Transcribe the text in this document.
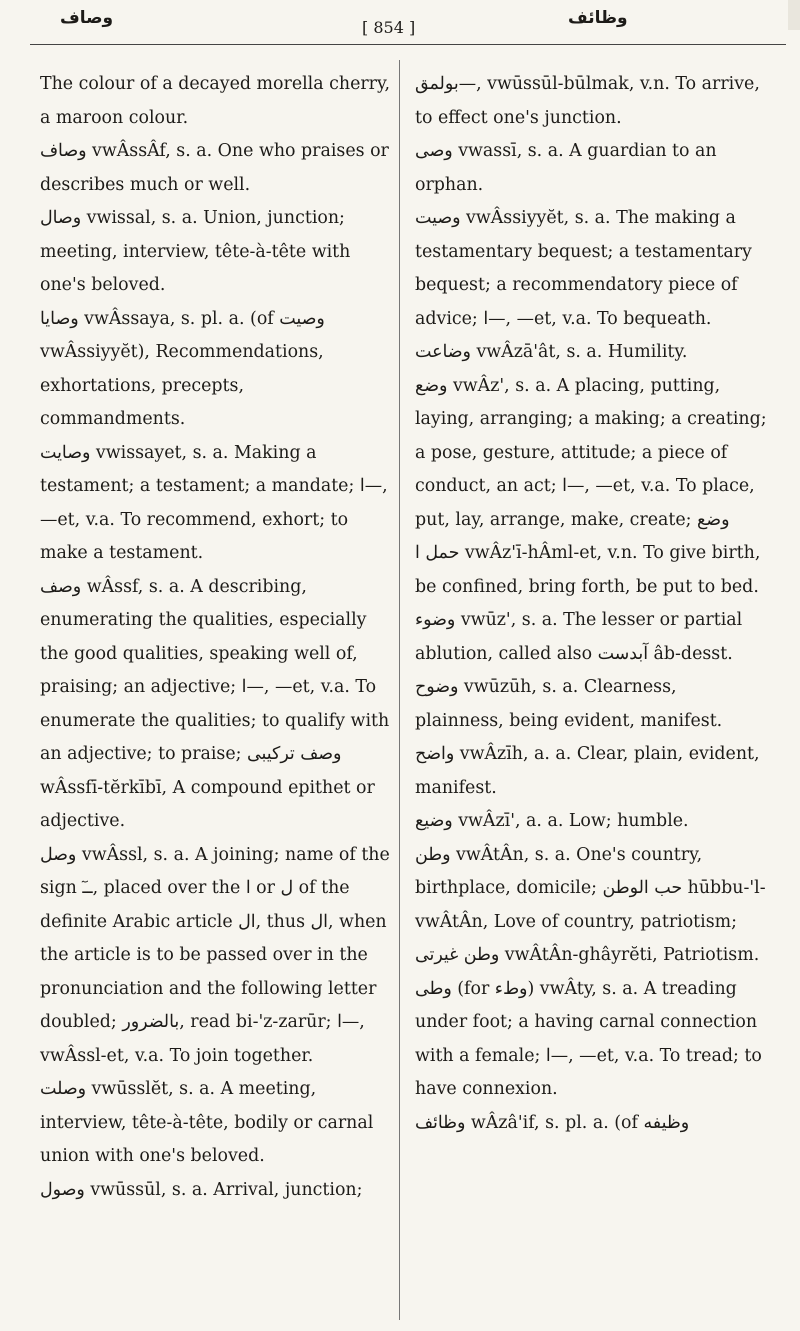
وصاف	[ 854 ]	وظائف

The colour of a decayed morella cherry, a maroon colour.

وصاف vwÂssÂf, s. a. One who praises or describes much or well.

وصال vwissal, s. a. Union, junction; meeting, interview, tête-à-tête with one's beloved.

وصايا vwÂssaya, s. pl. a. (of وصيت vwÂssiyyĕt), Recommendations, exhortations, precepts, commandments.

وصايت vwissayet, s. a. Making a testament; a testament; a mandate; ا—, —et, v.a. To recommend, exhort; to make a testament.

وصف wÂssf, s. a. A describing, enumerating the qualities, especially the good qualities, speaking well of, praising; an adjective; ا—, —et, v.a. To enumerate the qualities; to qualify with an adjective; to praise; وصف ترکيبى wÂssfī-tĕrkībī, A compound epithet or adjective.

وصل vwÂssl, s. a. A joining; name of the sign ــٓ, placed over the ا or ل of the definite Arabic article ال, thus ال, when the article is to be passed over in the pronunciation and the following letter doubled; بالضرور, read bi-'z-zarūr; ا—, vwÂssl-et, v.a. To join together.

وصلت vwūsslĕt, s. a. A meeting, interview, tête-à-tête, bodily or carnal union with one's beloved.

وصول vwūssūl, s. a. Arrival, junction;

بولمق—, vwūssūl-būlmak, v.n. To arrive, to effect one's junction.

وصى vwassī, s. a. A guardian to an orphan.

وصيت vwÂssiyyĕt, s. a. The making a testamentary bequest; a testamentary bequest; a recommendatory piece of advice; ا—, —et, v.a. To bequeath.

وضاعت vwÂzā'ât, s. a. Humility.

وضع vwÂz', s. a. A placing, putting, laying, arranging; a making; a creating; a pose, gesture, attitude; a piece of conduct, an act; ا—, —et, v.a. To place, put, lay, arrange, make, create; وضع حمل ا vwÂz'ī-hÂml-et, v.n. To give birth, be confined, bring forth, be put to bed.

وضوء vwūz', s. a. The lesser or partial ablution, called also آبدست âb-desst.

وضوح vwūzūh, s. a. Clearness, plainness, being evident, manifest.

واضح vwÂzīh, a. a. Clear, plain, evident, manifest.

وضيع vwÂzī', a. a. Low; humble.

وطن vwÂtÂn, s. a. One's country, birthplace, domicile; حب الوطن hūbbu-'l-vwÂtÂn, Love of country, patriotism; وطن غيرتى vwÂtÂn-ghâyrĕti, Patriotism.

وطى (for وطء) vwÂty, s. a. A treading under foot; a having carnal connection with a female; ا—, —et, v.a. To tread; to have connexion.

وظائف wÂzâ'if, s. pl. a. (of وظيفه
